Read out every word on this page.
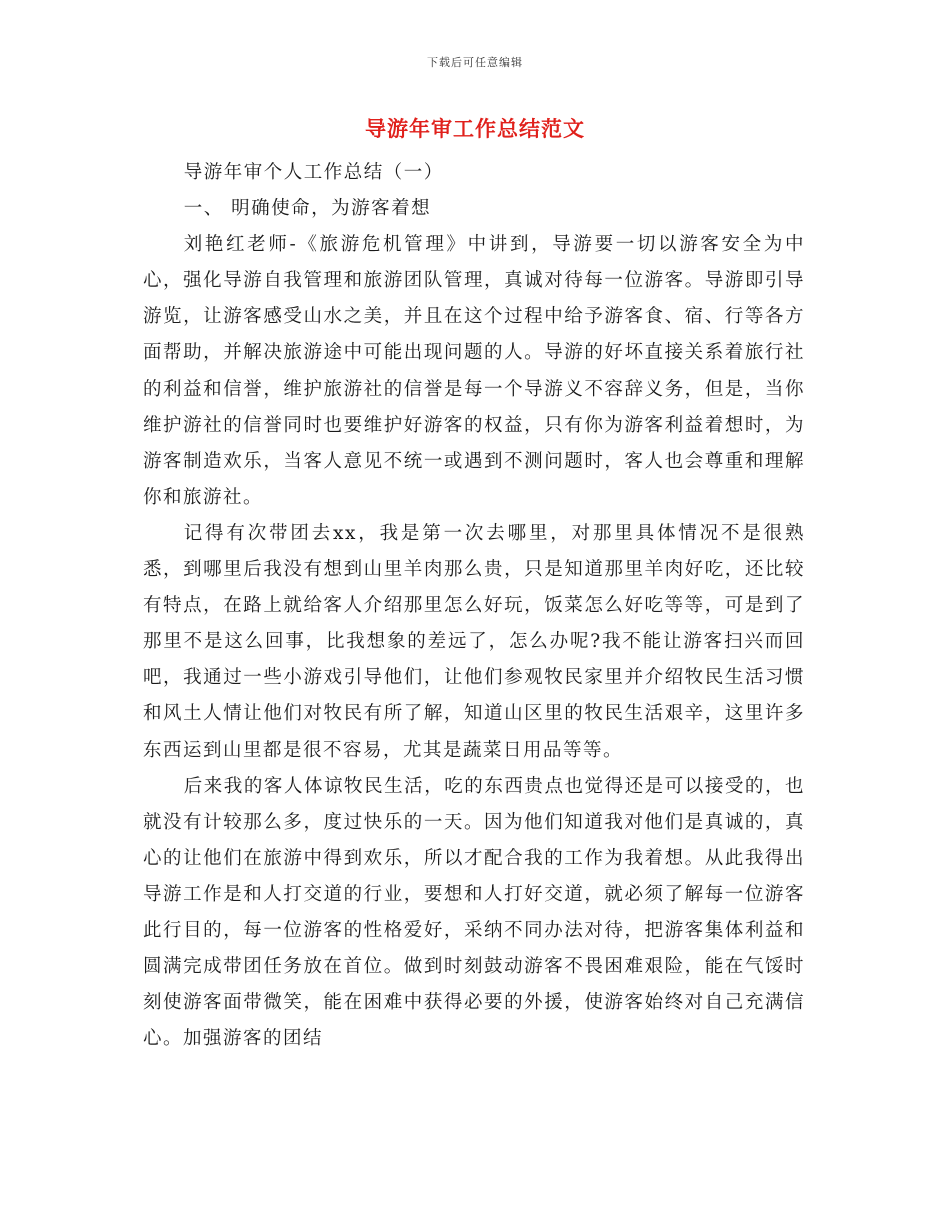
下载后可任意编辑
导游年审工作总结范文

导游年审个人工作总结（一）

一、 明确使命，为游客着想

刘艳红老师-《旅游危机管理》中讲到，导游要一切以游客安全为中心，强化导游自我管理和旅游团队管理，真诚对待每一位游客。导游即引导游览，让游客感受山水之美，并且在这个过程中给予游客食、宿、行等各方面帮助，并解决旅游途中可能出现问题的人。导游的好坏直接关系着旅行社的利益和信誉，维护旅游社的信誉是每一个导游义不容辞义务，但是，当你维护游社的信誉同时也要维护好游客的权益，只有你为游客利益着想时，为游客制造欢乐，当客人意见不统一或遇到不测问题时，客人也会尊重和理解你和旅游社。

记得有次带团去xx，我是第一次去哪里，对那里具体情况不是很熟悉，到哪里后我没有想到山里羊肉那么贵，只是知道那里羊肉好吃，还比较有特点，在路上就给客人介绍那里怎么好玩，饭菜怎么好吃等等，可是到了那里不是这么回事，比我想象的差远了，怎么办呢?我不能让游客扫兴而回吧，我通过一些小游戏引导他们，让他们参观牧民家里并介绍牧民生活习惯和风土人情让他们对牧民有所了解，知道山区里的牧民生活艰辛，这里许多东西运到山里都是很不容易，尤其是蔬菜日用品等等。

后来我的客人体谅牧民生活，吃的东西贵点也觉得还是可以接受的，也就没有计较那么多，度过快乐的一天。因为他们知道我对他们是真诚的，真心的让他们在旅游中得到欢乐，所以才配合我的工作为我着想。从此我得出导游工作是和人打交道的行业，要想和人打好交道，就必须了解每一位游客此行目的，每一位游客的性格爱好，采纳不同办法对待，把游客集体利益和圆满完成带团任务放在首位。做到时刻鼓动游客不畏困难艰险，能在气馁时刻使游客面带微笑，能在困难中获得必要的外援，使游客始终对自己充满信心。加强游客的团结
